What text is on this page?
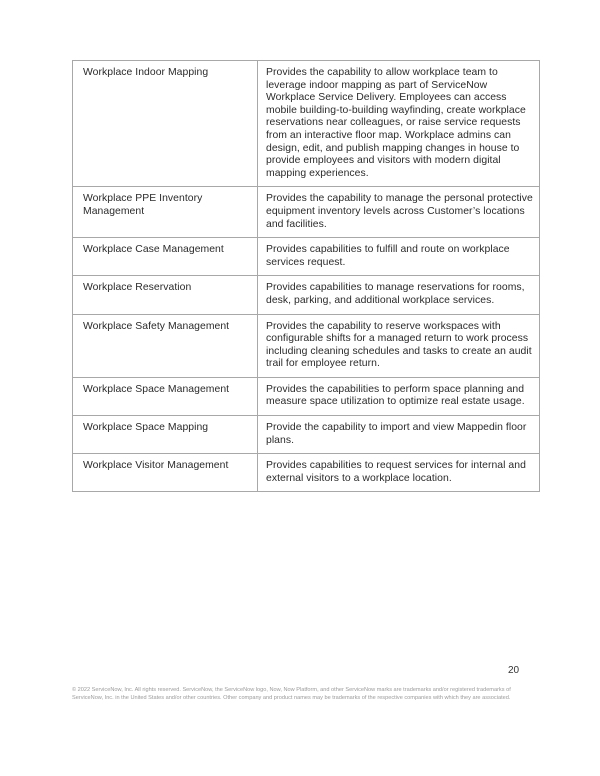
Workplace Indoor Mapping	Provides the capability to allow workplace team to leverage indoor mapping as part of ServiceNow Workplace Service Delivery. Employees can access mobile building-to-building wayfinding, create workplace reservations near colleagues, or raise service requests from an interactive floor map. Workplace admins can design, edit, and publish mapping changes in house to provide employees and visitors with modern digital mapping experiences.
Workplace PPE Inventory Management	Provides the capability to manage the personal protective equipment inventory levels across Customer’s locations and facilities.
Workplace Case Management	Provides capabilities to fulfill and route on workplace services request.
Workplace Reservation	Provides capabilities to manage reservations for rooms, desk, parking, and additional workplace services.
Workplace Safety Management	Provides the capability to reserve workspaces with configurable shifts for a managed return to work process including cleaning schedules and tasks to create an audit trail for employee return.
Workplace Space Management	Provides the capabilities to perform space planning and measure space utilization to optimize real estate usage.
Workplace Space Mapping	Provide the capability to import and view Mappedin floor plans.
Workplace Visitor Management	Provides capabilities to request services for internal and external visitors to a workplace location.
20
© 2022 ServiceNow, Inc. All rights reserved. ServiceNow, the ServiceNow logo, Now, Now Platform, and other ServiceNow marks are trademarks and/or registered trademarks of ServiceNow, Inc. in the United States and/or other countries. Other company and product names may be trademarks of the respective companies with which they are associated.
